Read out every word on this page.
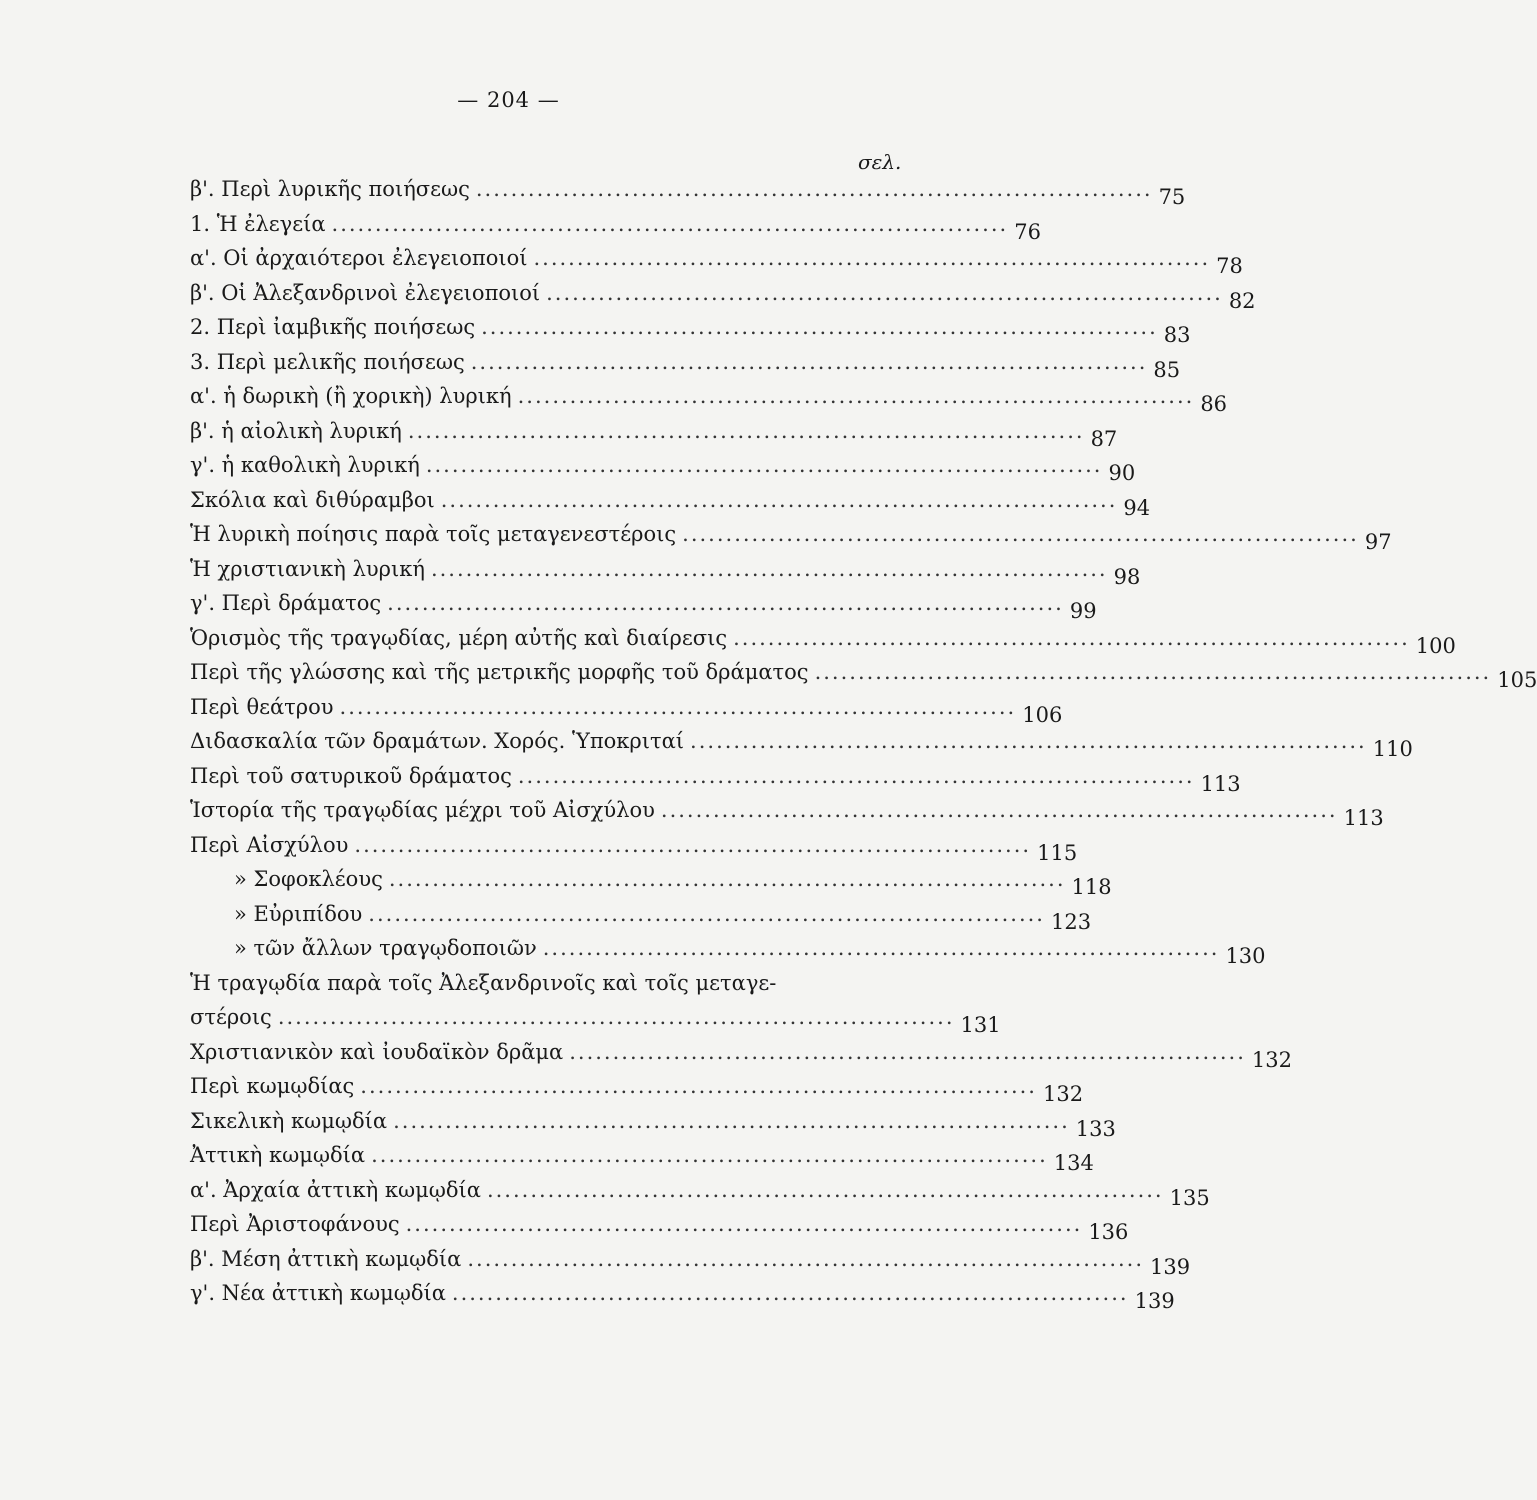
— 204 —
σελ.
β'. Περὶ λυρικῆς ποιήσεως .............................................................................. 75
1. Ἡ ἐλεγεία .............................................................................. 76
α'. Οἱ ἀρχαιότεροι ἐλεγειοποιοί .............................................................................. 78
β'. Οἱ Ἀλεξανδρινοὶ ἐλεγειοποιοί .............................................................................. 82
2. Περὶ ἰαμβικῆς ποιήσεως .............................................................................. 83
3. Περὶ μελικῆς ποιήσεως .............................................................................. 85
α'. ἡ δωρικὴ (ἢ χορικὴ) λυρική .............................................................................. 86
β'. ἡ αἰολικὴ λυρική .............................................................................. 87
γ'. ἡ καθολικὴ λυρική .............................................................................. 90
Σκόλια καὶ διθύραμβοι .............................................................................. 94
Ἡ λυρικὴ ποίησις παρὰ τοῖς μεταγενεστέροις .............................................................................. 97
Ἡ χριστιανικὴ λυρική .............................................................................. 98
γ'. Περὶ δράματος .............................................................................. 99
Ὁρισμὸς τῆς τραγῳδίας, μέρη αὐτῆς καὶ διαίρεσις .............................................................................. 100
Περὶ τῆς γλώσσης καὶ τῆς μετρικῆς μορφῆς τοῦ δράματος .............................................................................. 105
Περὶ θεάτρου .............................................................................. 106
Διδασκαλία τῶν δραμάτων. Χορός. Ὑποκριταί .............................................................................. 110
Περὶ τοῦ σατυρικοῦ δράματος .............................................................................. 113
Ἱστορία τῆς τραγῳδίας μέχρι τοῦ Αἰσχύλου .............................................................................. 113
Περὶ Αἰσχύλου .............................................................................. 115
» Σοφοκλέους .............................................................................. 118
» Εὐριπίδου .............................................................................. 123
» τῶν ἄλλων τραγῳδοποιῶν .............................................................................. 130
Ἡ τραγῳδία παρὰ τοῖς Ἀλεξανδρινοῖς καὶ τοῖς μεταγε-
στέροις .............................................................................. 131
Χριστιανικὸν καὶ ἰουδαϊκὸν δρᾶμα .............................................................................. 132
Περὶ κωμῳδίας .............................................................................. 132
Σικελικὴ κωμῳδία .............................................................................. 133
Ἀττικὴ κωμῳδία .............................................................................. 134
α'. Ἀρχαία ἀττικὴ κωμῳδία .............................................................................. 135
Περὶ Ἀριστοφάνους .............................................................................. 136
β'. Μέση ἀττικὴ κωμῳδία .............................................................................. 139
γ'. Νέα ἀττικὴ κωμῳδία .............................................................................. 139
